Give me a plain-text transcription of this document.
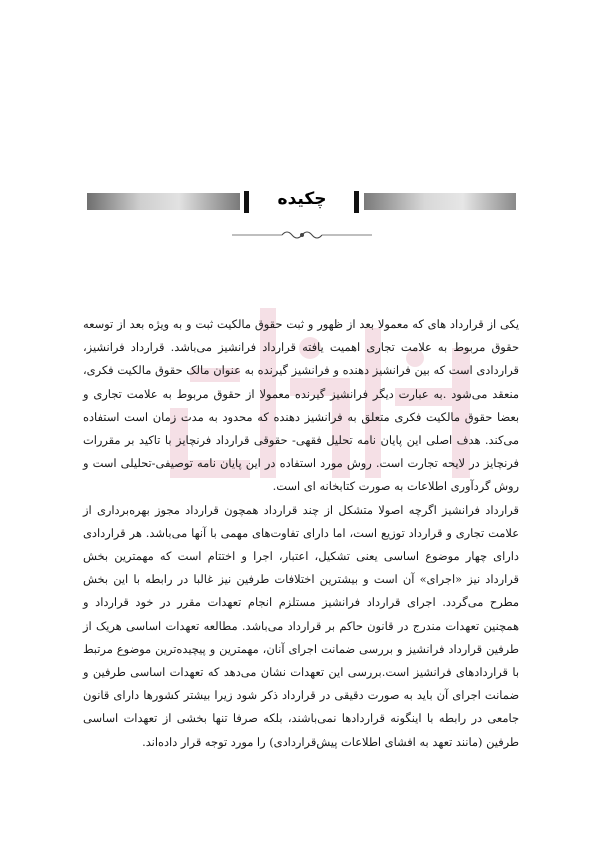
چکیده

یکی از قرارداد های که معمولا بعد از ظهور و ثبت حقوق مالکیت ثبت و به ویژه بعد از توسعه حقوق مربوط به علامت تجاری اهمیت یافته قرارداد فرانشیز می‌باشد. قرارداد فرانشیز، قراردادی است که بین فرانشیز دهنده و فرانشیز گیرنده به عنوان مالک حقوق مالکیت فکری، منعقد می‌شود .به عبارت دیگر فرانشیز گیرنده معمولا از حقوق مربوط به علامت تجاری و بعضا حقوق مالکیت فکری متعلق به فرانشیز دهنده که محدود به مدت زمان است استفاده می‌کند. هدف اصلی این پایان نامه تحلیل فقهی- حقوقی قرارداد فرنچایز با تاکید بر مقررات فرنچایز در لایحه تجارت است. روش مورد استفاده در این پایان نامه توصیفی-تحلیلی است و روش گردآوری اطلاعات به صورت کتابخانه ای است.

قرارداد فرانشیز اگرچه اصولا متشکل از چند قرارداد همچون قرارداد مجوز بهره‌برداری از علامت تجاری و قرارداد توزیع است، اما دارای تفاوت‌های مهمی با آنها می‌باشد. هر قراردادی دارای چهار موضوع اساسی یعنی تشکیل، اعتبار، اجرا و اختتام است که مهمترین بخش قرارداد نیز «اجرای» آن است و بیشترین اختلافات طرفین نیز غالبا در رابطه با این بخش مطرح می‌گردد. اجرای قرارداد فرانشیز مستلزم انجام تعهدات مقرر در خود قرارداد و همچنین تعهدات مندرج در قانون حاکم بر قرارداد می‌باشد. مطالعه تعهدات اساسی هریک از طرفین قرارداد فرانشیز و بررسی ضمانت اجرای آنان، مهمترین و پیچیده‌ترین موضوع مرتبط با قراردادهای فرانشیز است.بررسی این تعهدات نشان می‌دهد که تعهدات اساسی طرفین و ضمانت اجرای آن باید به صورت دقیقی در قرارداد ذکر شود زیرا بیشتر کشورها دارای قانون جامعی در رابطه با اینگونه قراردادها نمی‌باشند، بلکه صرفا تنها بخشی از تعهدات اساسی طرفین (مانند تعهد به افشای اطلاعات پیش‌قراردادی) را مورد توجه قرار داده‌اند.
